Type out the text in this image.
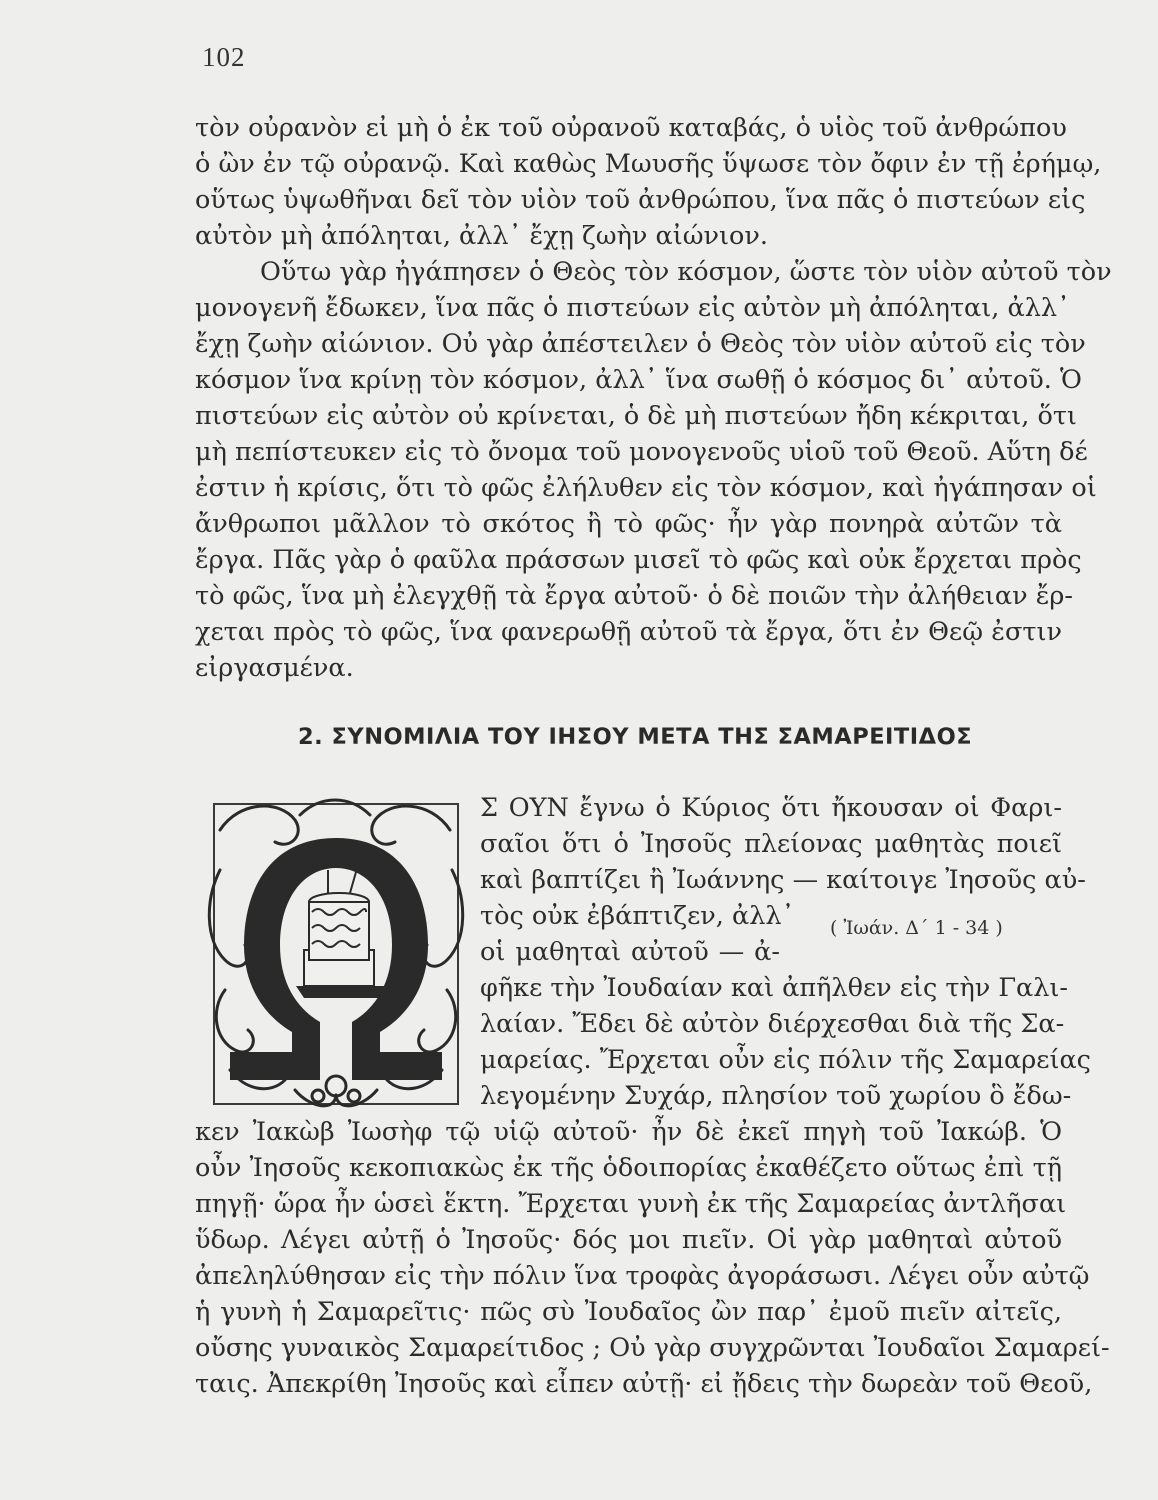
102
τὸν οὐρανὸν εἰ μὴ ὁ ἐκ τοῦ οὐρανοῦ καταβάς, ὁ υἱὸς τοῦ ἀνθρώπου
ὁ ὢν ἐν τῷ οὐρανῷ. Καὶ καθὼς Μωυσῆς ὕψωσε τὸν ὄφιν ἐν τῇ ἐρήμῳ,
οὕτως ὑψωθῆναι δεῖ τὸν υἱὸν τοῦ ἀνθρώπου, ἵνα πᾶς ὁ πιστεύων εἰς
αὐτὸν μὴ ἀπόληται, ἀλλ᾽ ἔχῃ ζωὴν αἰώνιον.
Οὕτω γὰρ ἠγάπησεν ὁ Θεὸς τὸν κόσμον, ὥστε τὸν υἱὸν αὐτοῦ τὸν
μονογενῆ ἔδωκεν, ἵνα πᾶς ὁ πιστεύων εἰς αὐτὸν μὴ ἀπόληται, ἀλλ᾽
ἔχῃ ζωὴν αἰώνιον. Οὐ γὰρ ἀπέστειλεν ὁ Θεὸς τὸν υἱὸν αὐτοῦ εἰς τὸν
κόσμον ἵνα κρίνῃ τὸν κόσμον, ἀλλ᾽ ἵνα σωθῇ ὁ κόσμος δι᾽ αὐτοῦ. Ὁ
πιστεύων εἰς αὐτὸν οὐ κρίνεται, ὁ δὲ μὴ πιστεύων ἤδη κέκριται, ὅτι
μὴ πεπίστευκεν εἰς τὸ ὄνομα τοῦ μονογενοῦς υἱοῦ τοῦ Θεοῦ. Αὕτη δέ
ἐστιν ἡ κρίσις, ὅτι τὸ φῶς ἐλήλυθεν εἰς τὸν κόσμον, καὶ ἠγάπησαν οἱ
ἄνθρωποι μᾶλλον τὸ σκότος ἢ τὸ φῶς· ἦν γὰρ πονηρὰ αὐτῶν τὰ
ἔργα. Πᾶς γὰρ ὁ φαῦλα πράσσων μισεῖ τὸ φῶς καὶ οὐκ ἔρχεται πρὸς
τὸ φῶς, ἵνα μὴ ἐλεγχθῇ τὰ ἔργα αὐτοῦ· ὁ δὲ ποιῶν τὴν ἀλήθειαν ἔρ-
χεται πρὸς τὸ φῶς, ἵνα φανερωθῇ αὐτοῦ τὰ ἔργα, ὅτι ἐν Θεῷ ἐστιν
εἰργασμένα.
2. ΣΥΝΟΜΙΛΙΑ ΤΟΥ ΙΗΣΟΥ ΜΕΤΑ ΤΗΣ ΣΑΜΑΡΕΙΤΙΔΟΣ
Σ ΟΥΝ ἔγνω ὁ Κύριος ὅτι ἤκουσαν οἱ Φαρι-
σαῖοι ὅτι ὁ Ἰησοῦς πλείονας μαθητὰς ποιεῖ
καὶ βαπτίζει ἢ Ἰωάννης — καίτοιγε Ἰησοῦς αὐ-
τὸς οὐκ ἐβάπτιζεν, ἀλλ᾽
οἱ μαθηταὶ αὐτοῦ — ἀ-
φῆκε τὴν Ἰουδαίαν καὶ ἀπῆλθεν εἰς τὴν Γαλι-
λαίαν. Ἔδει δὲ αὐτὸν διέρχεσθαι διὰ τῆς Σα-
μαρείας. Ἔρχεται οὖν εἰς πόλιν τῆς Σαμαρείας
λεγομένην Συχάρ, πλησίον τοῦ χωρίου ὃ ἔδω-
( Ἰωάν. Δ΄ 1 - 34 )
κεν Ἰακὼβ Ἰωσὴφ τῷ υἱῷ αὐτοῦ· ἦν δὲ ἐκεῖ πηγὴ τοῦ Ἰακώβ. Ὁ
οὖν Ἰησοῦς κεκοπιακὼς ἐκ τῆς ὁδοιπορίας ἐκαθέζετο οὕτως ἐπὶ τῇ
πηγῇ· ὥρα ἦν ὡσεὶ ἕκτη. Ἔρχεται γυνὴ ἐκ τῆς Σαμαρείας ἀντλῆσαι
ὕδωρ. Λέγει αὐτῇ ὁ Ἰησοῦς· δός μοι πιεῖν. Οἱ γὰρ μαθηταὶ αὐτοῦ
ἀπεληλύθησαν εἰς τὴν πόλιν ἵνα τροφὰς ἀγοράσωσι. Λέγει οὖν αὐτῷ
ἡ γυνὴ ἡ Σαμαρεῖτις· πῶς σὺ Ἰουδαῖος ὢν παρ᾽ ἐμοῦ πιεῖν αἰτεῖς,
οὔσης γυναικὸς Σαμαρείτιδος ; Οὐ γὰρ συγχρῶνται Ἰουδαῖοι Σαμαρεί-
ταις. Ἀπεκρίθη Ἰησοῦς καὶ εἶπεν αὐτῇ· εἰ ᾔδεις τὴν δωρεὰν τοῦ Θεοῦ,
